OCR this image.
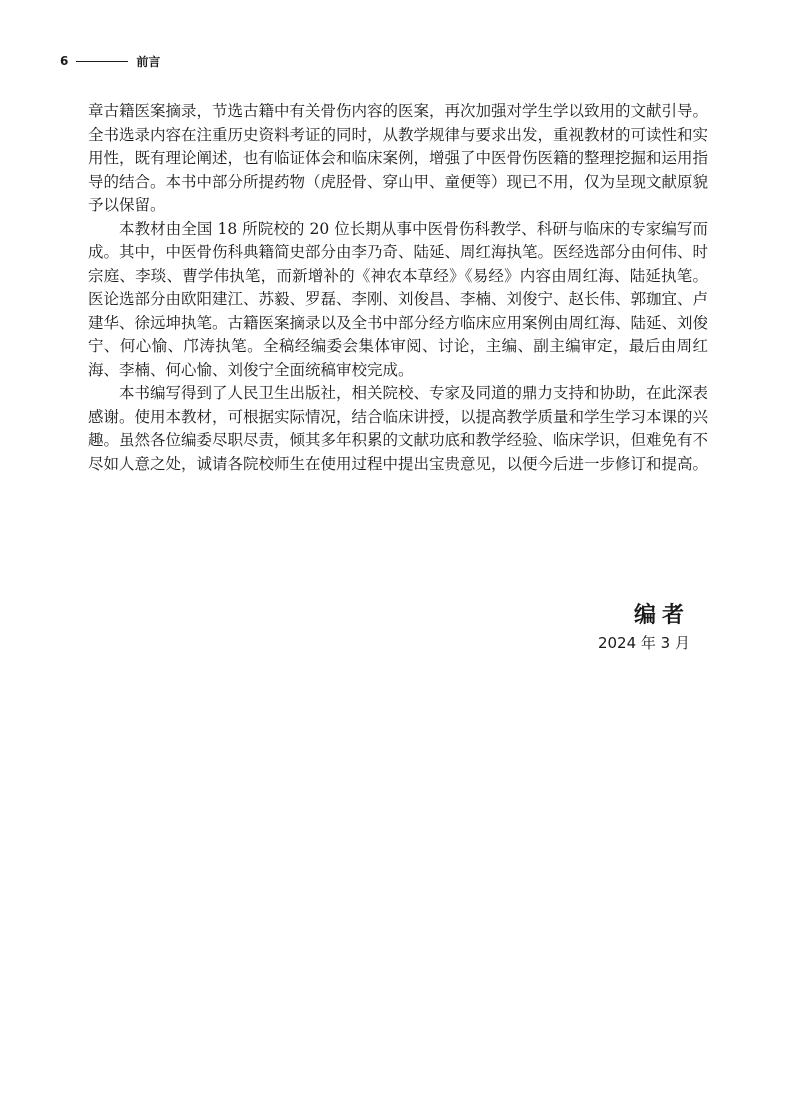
6	前言

章古籍医案摘录，节选古籍中有关骨伤内容的医案，再次加强对学生学以致用的文献引导。全书选录内容在注重历史资料考证的同时，从教学规律与要求出发，重视教材的可读性和实用性，既有理论阐述，也有临证体会和临床案例，增强了中医骨伤医籍的整理挖掘和运用指导的结合。本书中部分所提药物（虎胫骨、穿山甲、童便等）现已不用，仅为呈现文献原貌予以保留。

本教材由全国 18 所院校的 20 位长期从事中医骨伤科教学、科研与临床的专家编写而成。其中，中医骨伤科典籍简史部分由李乃奇、陆延、周红海执笔。医经选部分由何伟、时宗庭、李琰、曹学伟执笔，而新增补的《神农本草经》《易经》内容由周红海、陆延执笔。医论选部分由欧阳建江、苏毅、罗磊、李刚、刘俊昌、李楠、刘俊宁、赵长伟、郭珈宜、卢建华、徐远坤执笔。古籍医案摘录以及全书中部分经方临床应用案例由周红海、陆延、刘俊宁、何心愉、邝涛执笔。全稿经编委会集体审阅、讨论，主编、副主编审定，最后由周红海、李楠、何心愉、刘俊宁全面统稿审校完成。

本书编写得到了人民卫生出版社，相关院校、专家及同道的鼎力支持和协助，在此深表感谢。使用本教材，可根据实际情况，结合临床讲授，以提高教学质量和学生学习本课的兴趣。虽然各位编委尽职尽责，倾其多年积累的文献功底和教学经验、临床学识，但难免有不尽如人意之处，诚请各院校师生在使用过程中提出宝贵意见，以便今后进一步修订和提高。

编者
2024 年 3 月
